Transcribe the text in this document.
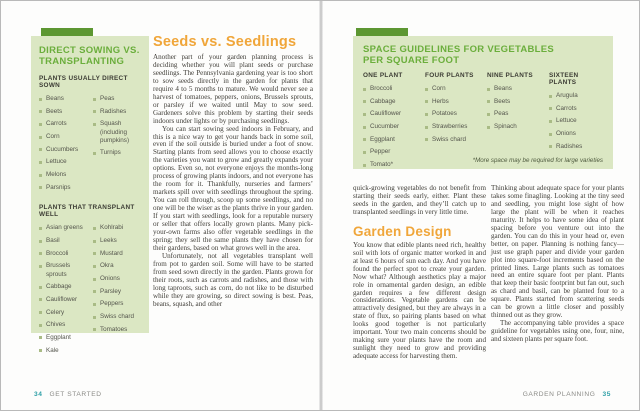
DIRECT SOWING VS.
TRANSPLANTING
PLANTS USUALLY DIRECT SOWN
Beans
Beets
Carrots
Corn
Cucumbers
Lettuce
Melons
Parsnips
Peas
Radishes
Squash (including pumpkins)
Turnips
PLANTS THAT TRANSPLANT WELL
Asian greens
Basil
Broccoli
Brussels sprouts
Cabbage
Cauliflower
Celery
Chives
Eggplant
Kale
Kohlrabi
Leeks
Mustard
Okra
Onions
Parsley
Peppers
Swiss chard
Tomatoes
Seeds vs. Seedlings

Another part of your garden planning process is deciding whether you will plant seeds or purchase seedlings. The Pennsylvania gardening year is too short to sow seeds directly in the garden for plants that require 4 to 5 months to mature. We would never see a harvest of tomatoes, peppers, onions, Brussels sprouts, or parsley if we waited until May to sow seed. Gardeners solve this problem by starting their seeds indoors under lights or by purchasing seedlings.

You can start sowing seed indoors in February, and this is a nice way to get your hands back in some soil, even if the soil outside is buried under a foot of snow. Starting plants from seed allows you to choose exactly the varieties you want to grow and greatly expands your options. Even so, not everyone enjoys the months-long process of growing plants indoors, and not everyone has the room for it. Thankfully, nurseries and farmers’ markets spill over with seedlings throughout the spring. You can roll through, scoop up some seedlings, and no one will be the wiser as the plants thrive in your garden. If you start with seedlings, look for a reputable nursery or seller that offers locally grown plants. Many pick-your-own farms also offer vegetable seedlings in the spring; they sell the same plants they have chosen for their gardens, based on what grows well in the area.

Unfortunately, not all vegetables transplant well from pot to garden soil. Some will have to be started from seed sown directly in the garden. Plants grown for their roots, such as carrots and radishes, and those with long taproots, such as corn, do not like to be disturbed while they are growing, so direct sowing is best. Peas, beans, squash, and other

34 GET STARTED
SPACE GUIDELINES FOR VEGETABLES
PER SQUARE FOOT
ONE PLANT
Broccoli
Cabbage
Cauliflower
Cucumber
Eggplant
Pepper
Tomato*
FOUR PLANTS
Corn
Herbs
Potatoes
Strawberries
Swiss chard
NINE PLANTS
Beans
Beets
Peas
Spinach
SIXTEEN PLANTS
Arugula
Carrots
Lettuce
Onions
Radishes
*More space may be required for large varieties

quick-growing vegetables do not benefit from starting their seeds early, either. Plant these seeds in the garden, and they’ll catch up to transplanted seedlings in very little time.

Garden Design

You know that edible plants need rich, healthy soil with lots of organic matter worked in and at least 6 hours of sun each day. And you have found the perfect spot to create your garden. Now what? Although aesthetics play a major role in ornamental garden design, an edible garden requires a few different design considerations. Vegetable gardens can be attractively designed, but they are always in a state of flux, so pairing plants based on what looks good together is not particularly important. Your two main concerns should be making sure your plants have the room and sunlight they need to grow and providing adequate access for harvesting them.

Thinking about adequate space for your plants takes some finagling. Looking at the tiny seed and seedling, you might lose sight of how large the plant will be when it reaches maturity. It helps to have some idea of plant spacing before you venture out into the garden. You can do this in your head or, even better, on paper. Planning is nothing fancy—just use graph paper and divide your garden plot into square-foot increments based on the printed lines. Large plants such as tomatoes need an entire square foot per plant. Plants that keep their basic footprint but fan out, such as chard and basil, can be planted four to a square. Plants started from scattering seeds can be grown a little closer and possibly thinned out as they grow.

The accompanying table provides a space guideline for vegetables using one, four, nine, and sixteen plants per square foot.

GARDEN PLANNING 35
